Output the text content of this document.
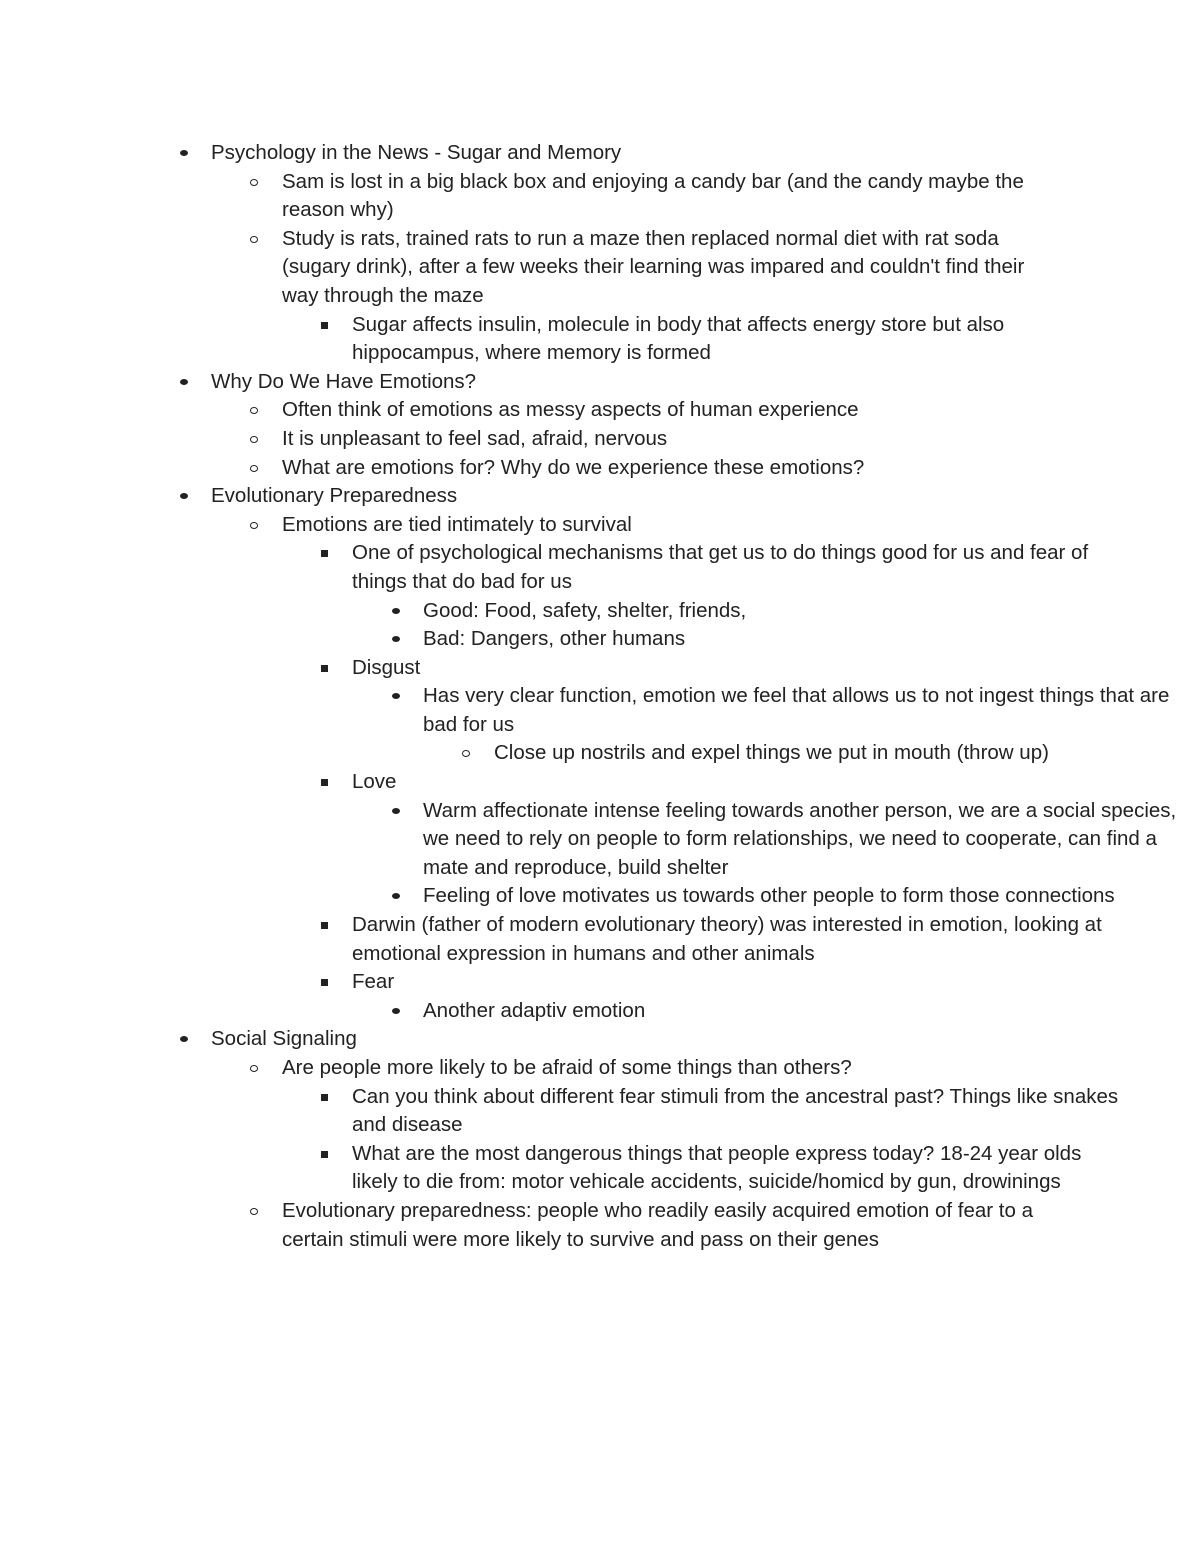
Psychology in the News - Sugar and Memory
Sam is lost in a big black box and enjoying a candy bar (and the candy maybe the reason why)
Study is rats, trained rats to run a maze then replaced normal diet with rat soda (sugary drink), after a few weeks their learning was impared and couldn't find their way through the maze
Sugar affects insulin, molecule in body that affects energy store but also hippocampus, where memory is formed
Why Do We Have Emotions?
Often think of emotions as messy aspects of human experience
It is unpleasant to feel sad, afraid, nervous
What are emotions for? Why do we experience these emotions?
Evolutionary Preparedness
Emotions are tied intimately to survival
One of psychological mechanisms that get us to do things good for us and fear of things that do bad for us
Good: Food, safety, shelter, friends,
Bad: Dangers, other humans
Disgust
Has very clear function, emotion we feel that allows us to not ingest things that are bad for us
Close up nostrils and expel things we put in mouth (throw up)
Love
Warm affectionate intense feeling towards another person, we are a social species, we need to rely on people to form relationships, we need to cooperate, can find a mate and reproduce, build shelter
Feeling of love motivates us towards other people to form those connections
Darwin (father of modern evolutionary theory) was interested in emotion, looking at emotional expression in humans and other animals
Fear
Another adaptiv emotion
Social Signaling
Are people more likely to be afraid of some things than others?
Can you think about different fear stimuli from the ancestral past? Things like snakes and disease
What are the most dangerous things that people express today? 18-24 year olds likely to die from: motor vehicale accidents, suicide/homicd by gun, drowinings
Evolutionary preparedness: people who readily easily acquired emotion of fear to a certain stimuli were more likely to survive and pass on their genes
